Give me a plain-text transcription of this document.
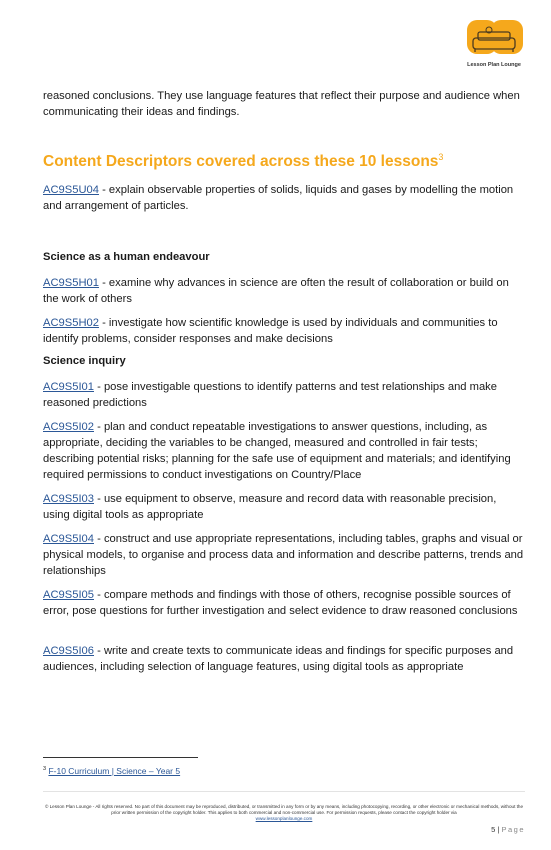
Lesson Plan Lounge

reasoned conclusions. They use language features that reflect their purpose and audience when communicating their ideas and findings.

Content Descriptors covered across these 10 lessons$^3$

AC9S5U04 - explain observable properties of solids, liquids and gases by modelling the motion and arrangement of particles.

Science as a human endeavour

AC9S5H01 - examine why advances in science are often the result of collaboration or build on the work of others

AC9S5H02 - investigate how scientific knowledge is used by individuals and communities to identify problems, consider responses and make decisions

Science inquiry

AC9S5I01 - pose investigable questions to identify patterns and test relationships and make reasoned predictions

AC9S5I02 - plan and conduct repeatable investigations to answer questions, including, as appropriate, deciding the variables to be changed, measured and controlled in fair tests; describing potential risks; planning for the safe use of equipment and materials; and identifying required permissions to conduct investigations on Country/Place

AC9S5I03 - use equipment to observe, measure and record data with reasonable precision, using digital tools as appropriate

AC9S5I04 - construct and use appropriate representations, including tables, graphs and visual or physical models, to organise and process data and information and describe patterns, trends and relationships

AC9S5I05 - compare methods and findings with those of others, recognise possible sources of error, pose questions for further investigation and select evidence to draw reasoned conclusions

AC9S5I06 - write and create texts to communicate ideas and findings for specific purposes and audiences, including selection of language features, using digital tools as appropriate

$^3$ F-10 Curriculum | Science – Year 5
© Lesson Plan Lounge - All rights reserved. No part of this document may be reproduced, distributed, or transmitted in any form or by any means, including photocopying, recording, or other electronic or mechanical methods, without the prior written permission of the copyright holder. This applies to both commercial and non-commercial use. For permission requests, please contact the copyright holder via
www.lessonplanlounge.com
5 | Page
